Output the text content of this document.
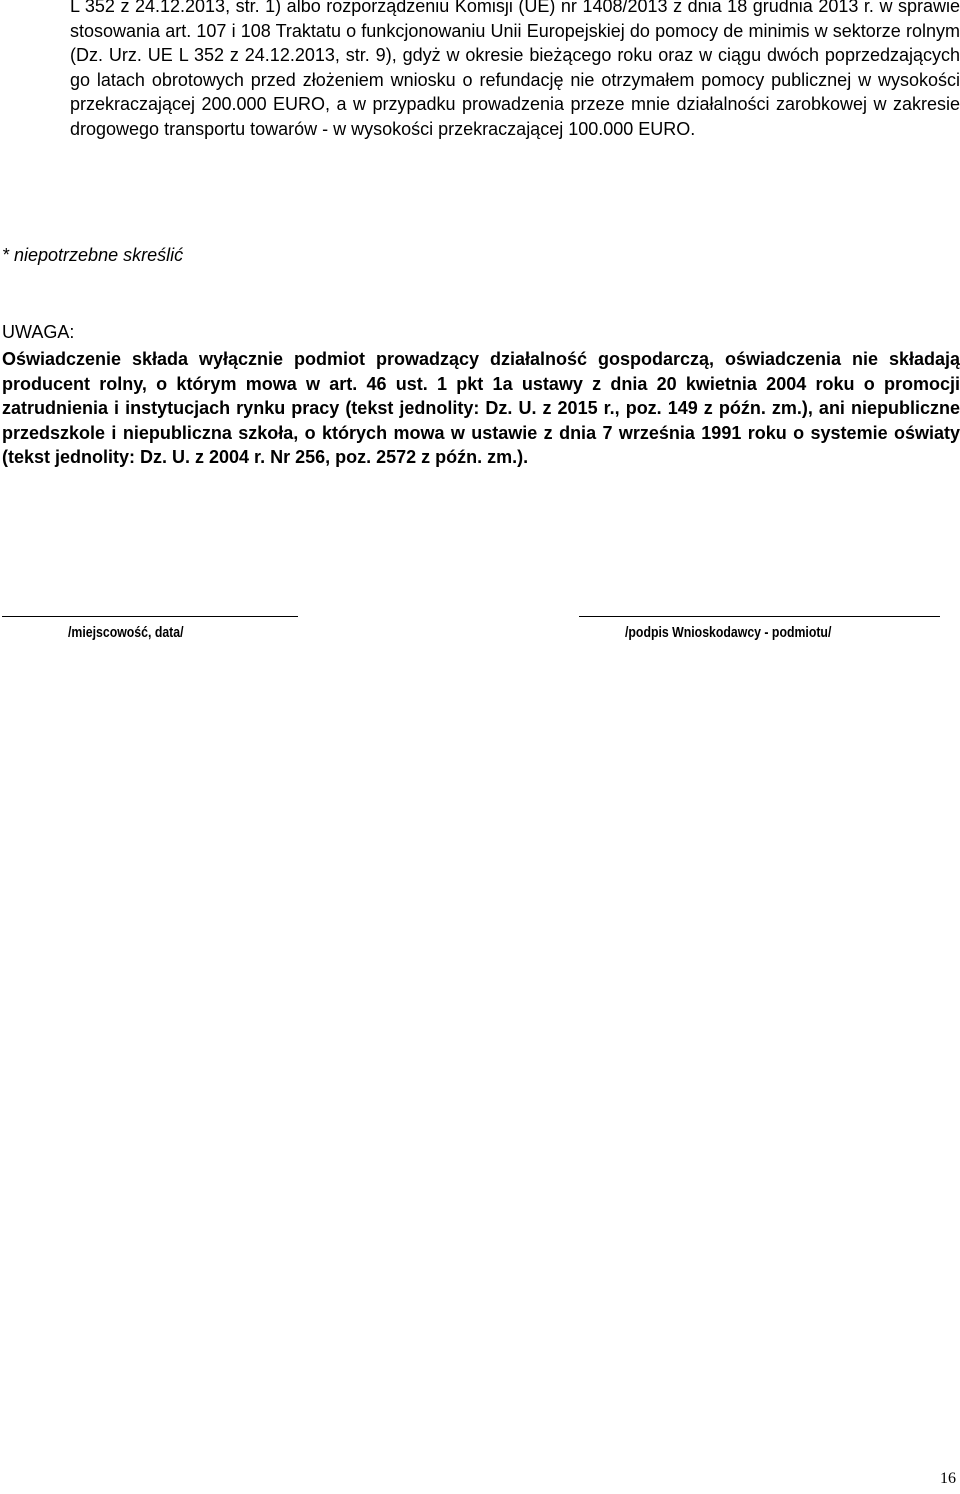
L 352 z 24.12.2013, str. 1) albo rozporządzeniu Komisji (UE) nr 1408/2013 z dnia 18 grudnia 2013 r. w sprawie stosowania art. 107 i 108 Traktatu o funkcjonowaniu Unii Europejskiej do pomocy de minimis w sektorze rolnym (Dz. Urz. UE L 352 z 24.12.2013, str. 9), gdyż w okresie bieżącego roku oraz w ciągu dwóch poprzedzających go latach obrotowych przed złożeniem wniosku o refundację nie otrzymałem pomocy publicznej w wysokości przekraczającej 200.000 EURO, a w przypadku prowadzenia przeze mnie działalności zarobkowej w zakresie drogowego transportu towarów - w wysokości przekraczającej 100.000 EURO.

* niepotrzebne skreślić

UWAGA:

Oświadczenie składa wyłącznie podmiot prowadzący działalność gospodarczą, oświadczenia nie składają producent rolny, o którym mowa w art. 46 ust. 1 pkt 1a ustawy z dnia 20 kwietnia 2004 roku o promocji zatrudnienia i instytucjach rynku pracy (tekst jednolity: Dz. U. z 2015 r., poz. 149 z późn. zm.), ani niepubliczne przedszkole i niepubliczna szkoła, o których mowa w ustawie z dnia 7 września 1991 roku o systemie oświaty (tekst jednolity: Dz. U. z 2004 r. Nr 256, poz. 2572 z późn. zm.).

/miejscowość, data/	/podpis Wnioskodawcy - podmiotu/
16
